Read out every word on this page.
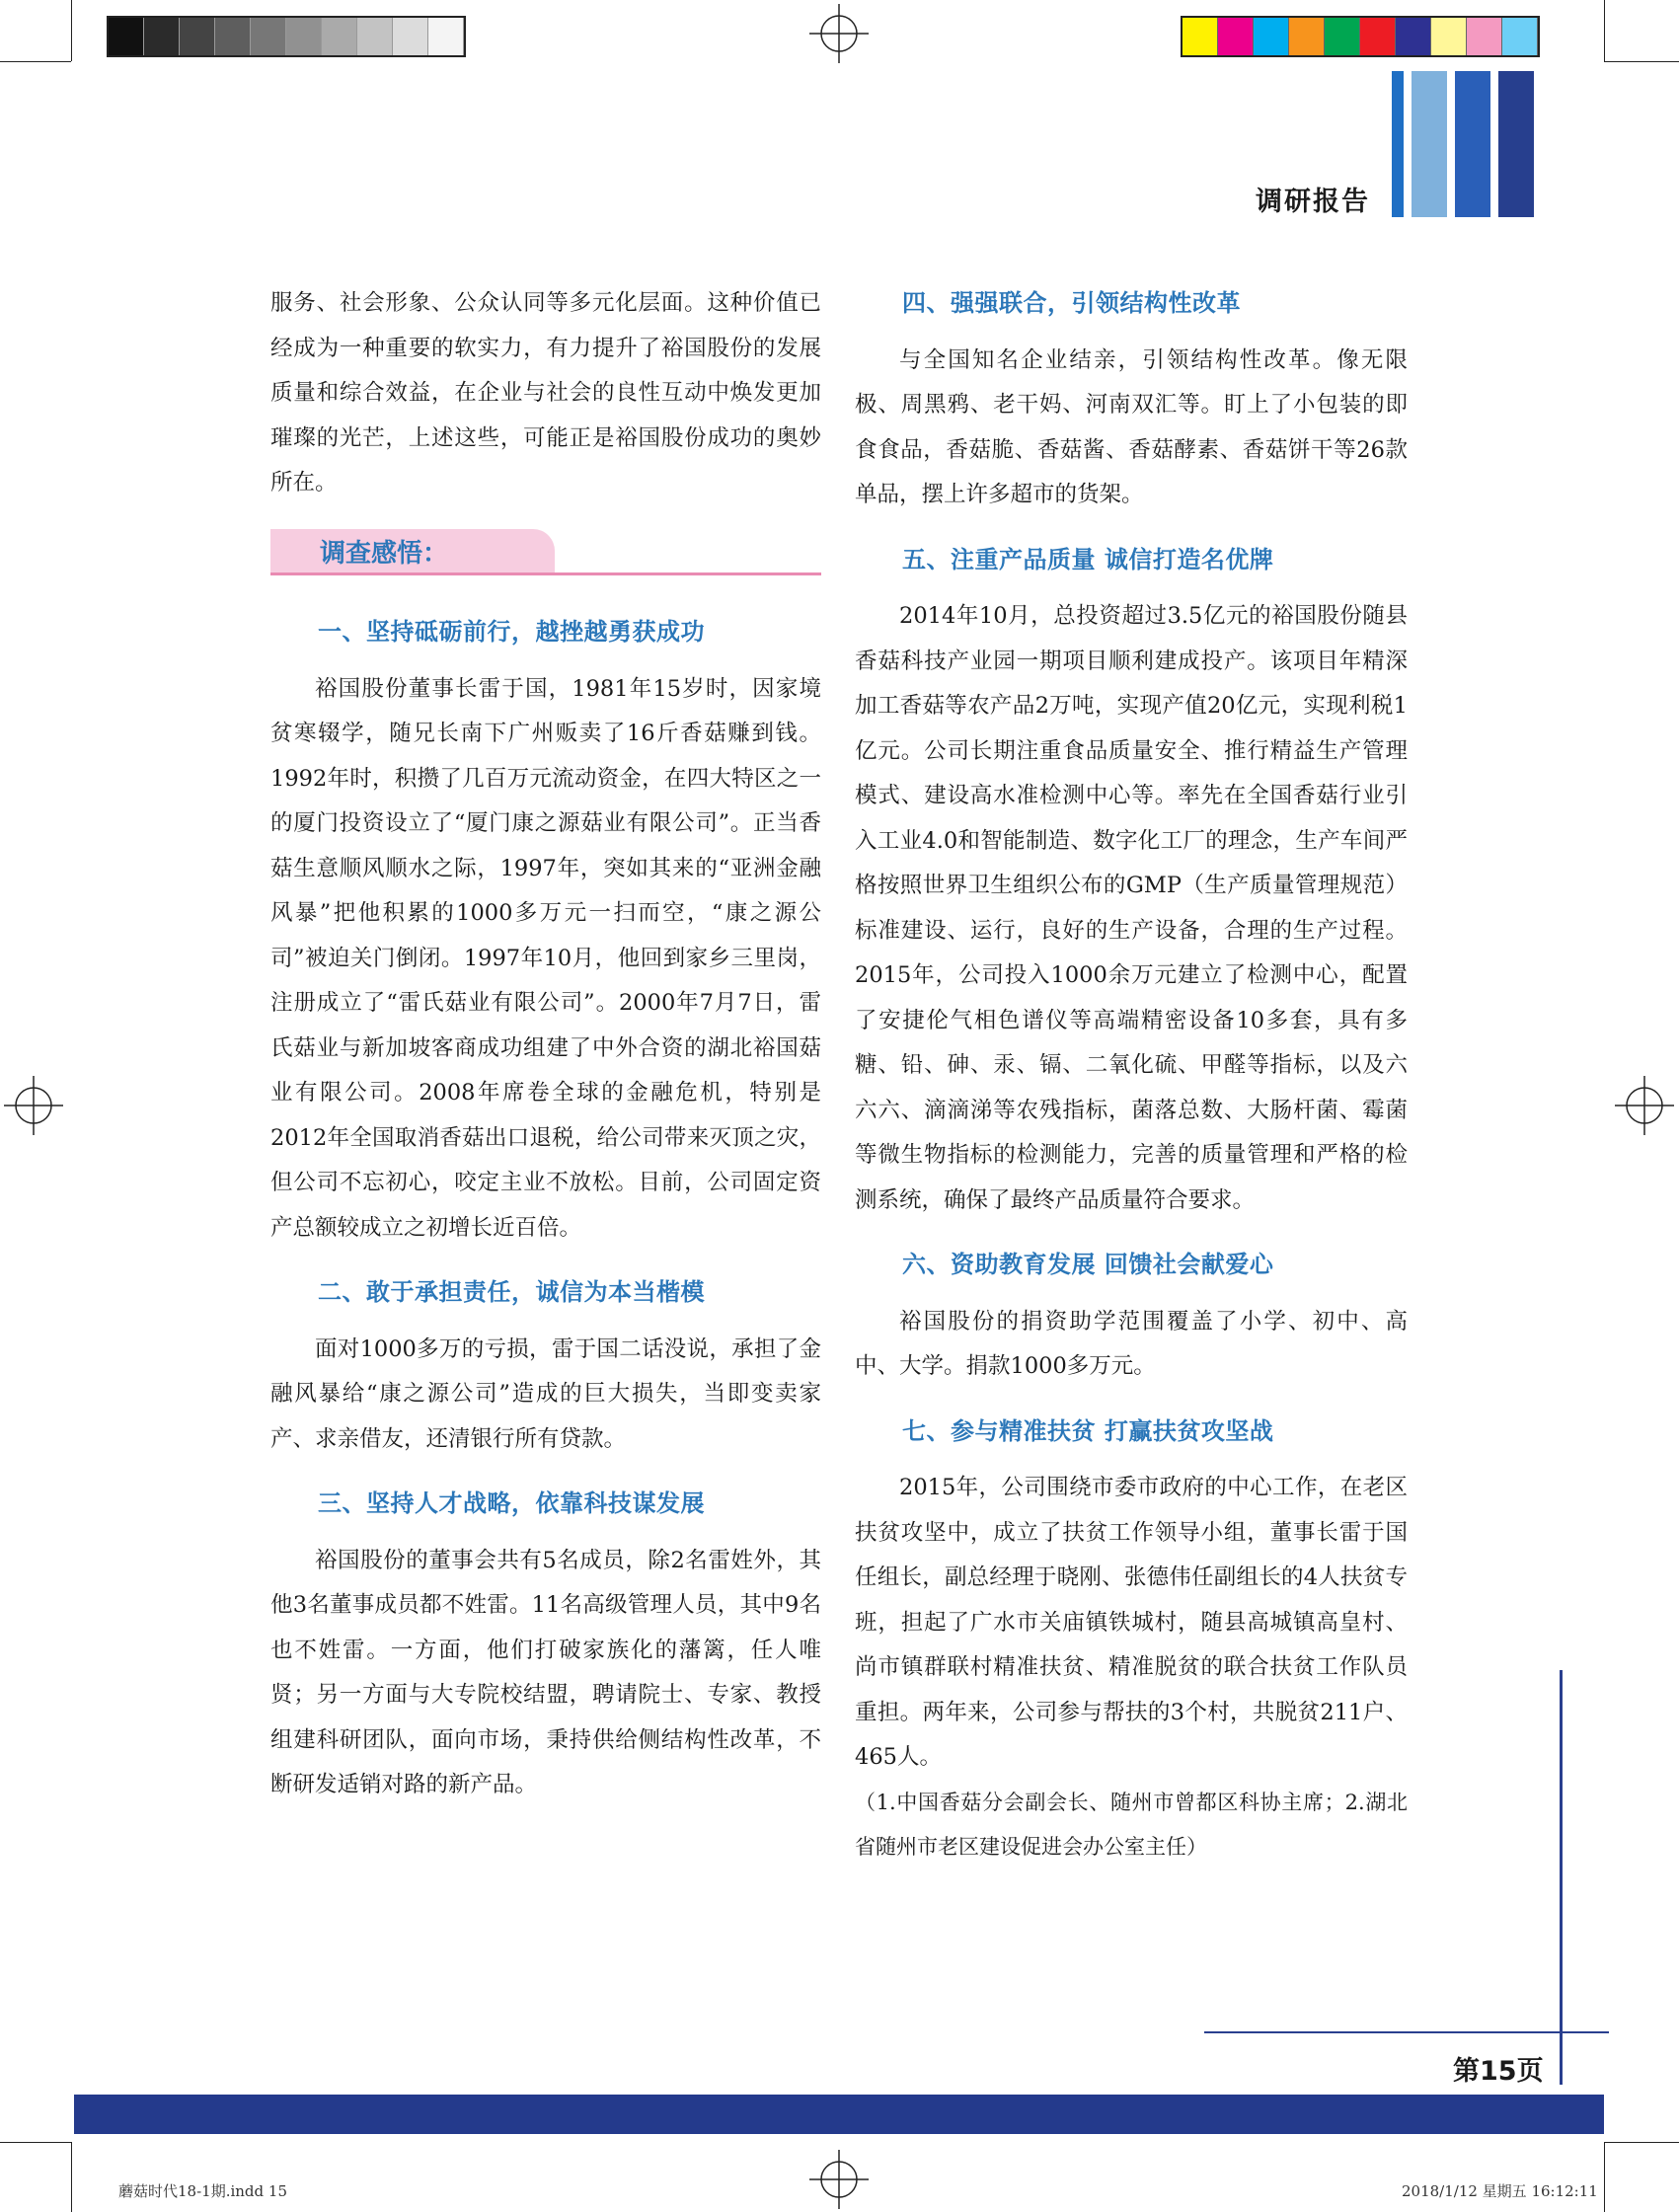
调研报告

服务、社会形象、公众认同等多元化层面。这种价值已经成为一种重要的软实力，有力提升了裕国股份的发展质量和综合效益，在企业与社会的良性互动中焕发更加璀璨的光芒，上述这些，可能正是裕国股份成功的奥妙所在。

调查感悟：

一、坚持砥砺前行，越挫越勇获成功

裕国股份董事长雷于国，1981年15岁时，因家境贫寒辍学，随兄长南下广州贩卖了16斤香菇赚到钱。1992年时，积攒了几百万元流动资金，在四大特区之一的厦门投资设立了“厦门康之源菇业有限公司”。正当香菇生意顺风顺水之际，1997年，突如其来的“亚洲金融风暴”把他积累的1000多万元一扫而空，“康之源公司”被迫关门倒闭。1997年10月，他回到家乡三里岗，注册成立了“雷氏菇业有限公司”。2000年7月7日，雷氏菇业与新加坡客商成功组建了中外合资的湖北裕国菇业有限公司。2008年席卷全球的金融危机，特别是2012年全国取消香菇出口退税，给公司带来灭顶之灾，但公司不忘初心，咬定主业不放松。目前，公司固定资产总额较成立之初增长近百倍。

二、敢于承担责任，诚信为本当楷模

面对1000多万的亏损，雷于国二话没说，承担了金融风暴给“康之源公司”造成的巨大损失，当即变卖家产、求亲借友，还清银行所有贷款。

三、坚持人才战略，依靠科技谋发展

裕国股份的董事会共有5名成员，除2名雷姓外，其他3名董事成员都不姓雷。11名高级管理人员，其中9名也不姓雷。一方面，他们打破家族化的藩篱，任人唯贤；另一方面与大专院校结盟，聘请院士、专家、教授组建科研团队，面向市场，秉持供给侧结构性改革，不断研发适销对路的新产品。

四、强强联合，引领结构性改革

与全国知名企业结亲，引领结构性改革。像无限极、周黑鸦、老干妈、河南双汇等。盯上了小包装的即食食品，香菇脆、香菇酱、香菇酵素、香菇饼干等26款单品，摆上许多超市的货架。

五、注重产品质量 诚信打造名优牌

2014年10月，总投资超过3.5亿元的裕国股份随县香菇科技产业园一期项目顺利建成投产。该项目年精深加工香菇等农产品2万吨，实现产值20亿元，实现利税1亿元。公司长期注重食品质量安全、推行精益生产管理模式、建设高水准检测中心等。率先在全国香菇行业引入工业4.0和智能制造、数字化工厂的理念，生产车间严格按照世界卫生组织公布的GMP（生产质量管理规范）标准建设、运行，良好的生产设备，合理的生产过程。2015年，公司投入1000余万元建立了检测中心，配置了安捷伦气相色谱仪等高端精密设备10多套，具有多糖、铅、砷、汞、镉、二氧化硫、甲醛等指标，以及六六六、滴滴涕等农残指标，菌落总数、大肠杆菌、霉菌等微生物指标的检测能力，完善的质量管理和严格的检测系统，确保了最终产品质量符合要求。

六、资助教育发展 回馈社会献爱心

裕国股份的捐资助学范围覆盖了小学、初中、高中、大学。捐款1000多万元。

七、参与精准扶贫 打赢扶贫攻坚战

2015年，公司围绕市委市政府的中心工作，在老区扶贫攻坚中，成立了扶贫工作领导小组，董事长雷于国任组长，副总经理于晓刚、张德伟任副组长的4人扶贫专班，担起了广水市关庙镇铁城村，随县高城镇高皇村、尚市镇群联村精准扶贫、精准脱贫的联合扶贫工作队员重担。两年来，公司参与帮扶的3个村，共脱贫211户、465人。

（1.中国香菇分会副会长、随州市曾都区科协主席；2.湖北省随州市老区建设促进会办公室主任）

第15页
蘑菇时代18-1期.indd 15	2018/1/12 星期五 16:12:11
